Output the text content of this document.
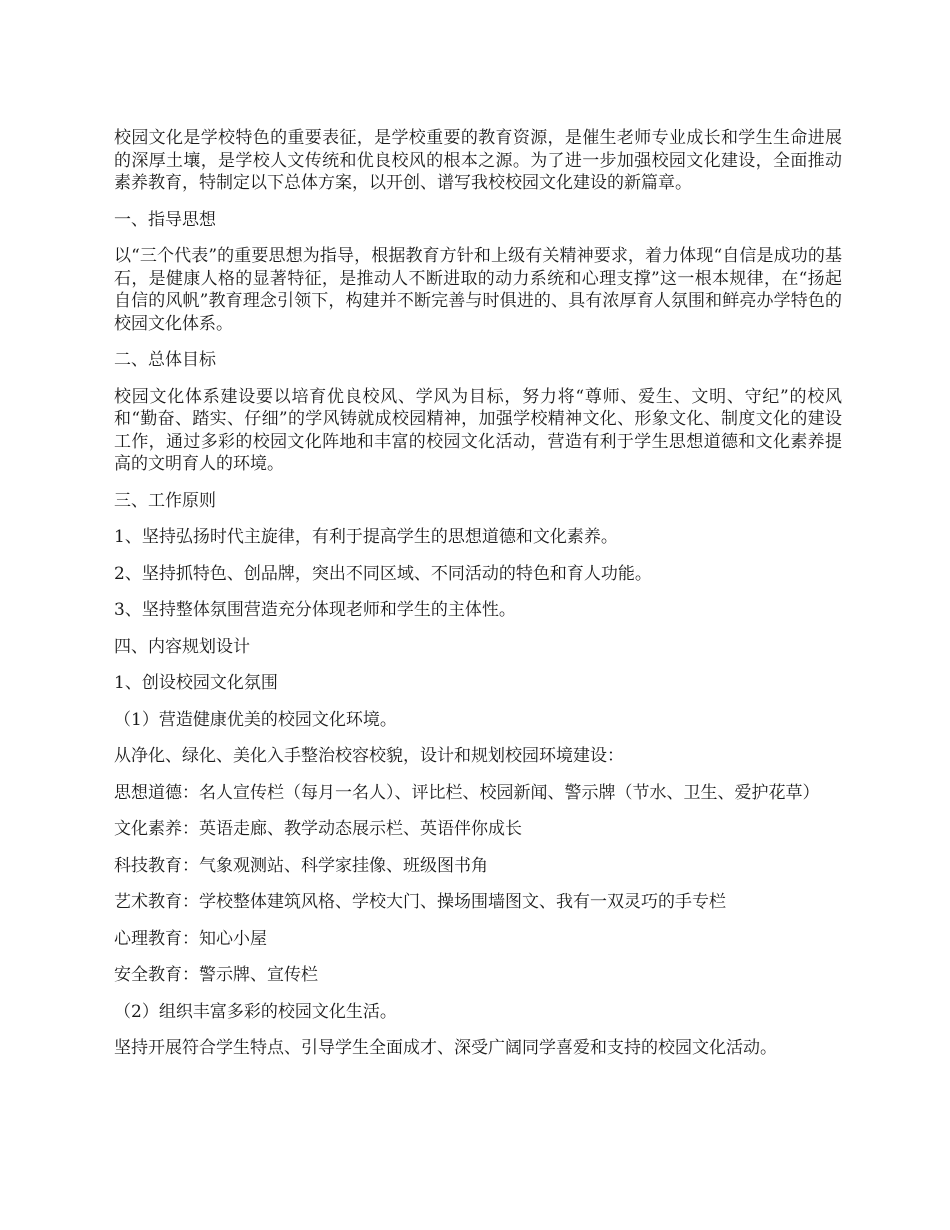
校园文化是学校特色的重要表征，是学校重要的教育资源，是催生老师专业成长和学生生命进展的深厚土壤，是学校人文传统和优良校风的根本之源。为了进一步加强校园文化建设，全面推动素养教育，特制定以下总体方案，以开创、谱写我校校园文化建设的新篇章。

一、指导思想

以“三个代表”的重要思想为指导，根据教育方针和上级有关精神要求，着力体现“自信是成功的基石，是健康人格的显著特征，是推动人不断进取的动力系统和心理支撑”这一根本规律，在“扬起自信的风帆”教育理念引领下，构建并不断完善与时俱进的、具有浓厚育人氛围和鲜亮办学特色的校园文化体系。

二、总体目标

校园文化体系建设要以培育优良校风、学风为目标，努力将“尊师、爱生、文明、守纪”的校风和“勤奋、踏实、仔细”的学风铸就成校园精神，加强学校精神文化、形象文化、制度文化的建设工作，通过多彩的校园文化阵地和丰富的校园文化活动，营造有利于学生思想道德和文化素养提高的文明育人的环境。

三、工作原则

1、坚持弘扬时代主旋律，有利于提高学生的思想道德和文化素养。

2、坚持抓特色、创品牌，突出不同区域、不同活动的特色和育人功能。

3、坚持整体氛围营造充分体现老师和学生的主体性。

四、内容规划设计

1、创设校园文化氛围

（1）营造健康优美的校园文化环境。

从净化、绿化、美化入手整治校容校貌，设计和规划校园环境建设：

思想道德：名人宣传栏（每月一名人）、评比栏、校园新闻、警示牌（节水、卫生、爱护花草）

文化素养：英语走廊、教学动态展示栏、英语伴你成长

科技教育：气象观测站、科学家挂像、班级图书角

艺术教育：学校整体建筑风格、学校大门、操场围墙图文、我有一双灵巧的手专栏

心理教育：知心小屋

安全教育：警示牌、宣传栏

（2）组织丰富多彩的校园文化生活。

坚持开展符合学生特点、引导学生全面成才、深受广阔同学喜爱和支持的校园文化活动。
